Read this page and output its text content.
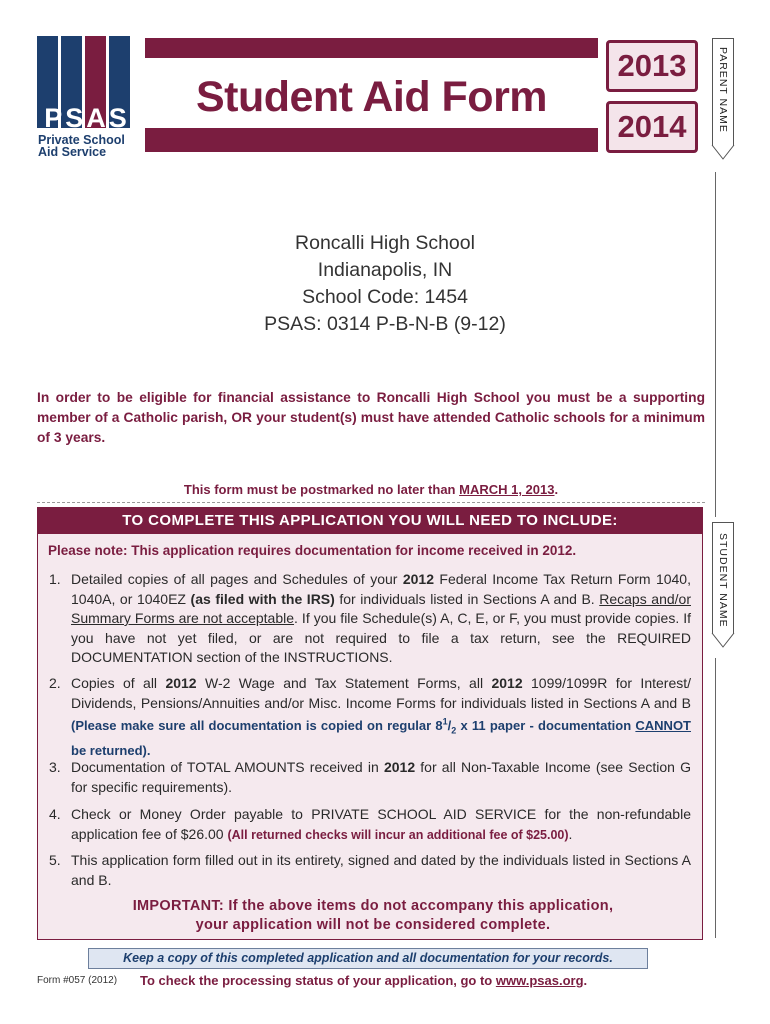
PSAS
Private School
Aid Service
Student Aid Form
2013
2014	PARENT NAME
STUDENT NAME
Roncalli High School
Indianapolis, IN
School Code: 1454
PSAS: 0314 P-B-N-B (9-12)
In order to be eligible for financial assistance to Roncalli High School you must be a supporting member of a Catholic parish, OR your student(s) must have attended Catholic schools for a minimum of 3 years.
This form must be postmarked no later than MARCH 1, 2013.
TO COMPLETE THIS APPLICATION YOU WILL NEED TO INCLUDE:
Please note: This application requires documentation for income received in 2012.
1. Detailed copies of all pages and Schedules of your 2012 Federal Income Tax Return Form 1040, 1040A, or 1040EZ (as filed with the IRS) for individuals listed in Sections A and B. Recaps and/or Summary Forms are not acceptable. If you file Schedule(s) A, C, E, or F, you must provide copies. If you have not yet filed, or are not required to file a tax return, see the REQUIRED DOCUMENTATION section of the INSTRUCTIONS.
2. Copies of all 2012 W-2 Wage and Tax Statement Forms, all 2012 1099/1099R for Interest/ Dividends, Pensions/Annuities and/or Misc. Income Forms for individuals listed in Sections A and B (Please make sure all documentation is copied on regular $8^1/_2$ x 11 paper - documentation CANNOT be returned).
3. Documentation of TOTAL AMOUNTS received in 2012 for all Non-Taxable Income (see Section G for specific requirements).
4. Check or Money Order payable to PRIVATE SCHOOL AID SERVICE for the non-refundable application fee of $26.00 (All returned checks will incur an additional fee of $25.00).
5. This application form filled out in its entirety, signed and dated by the individuals listed in Sections A and B.
IMPORTANT: If the above items do not accompany this application,
your application will not be considered complete.
Keep a copy of this completed application and all documentation for your records.
Form #057 (2012) To check the processing status of your application, go to www.psas.org.
